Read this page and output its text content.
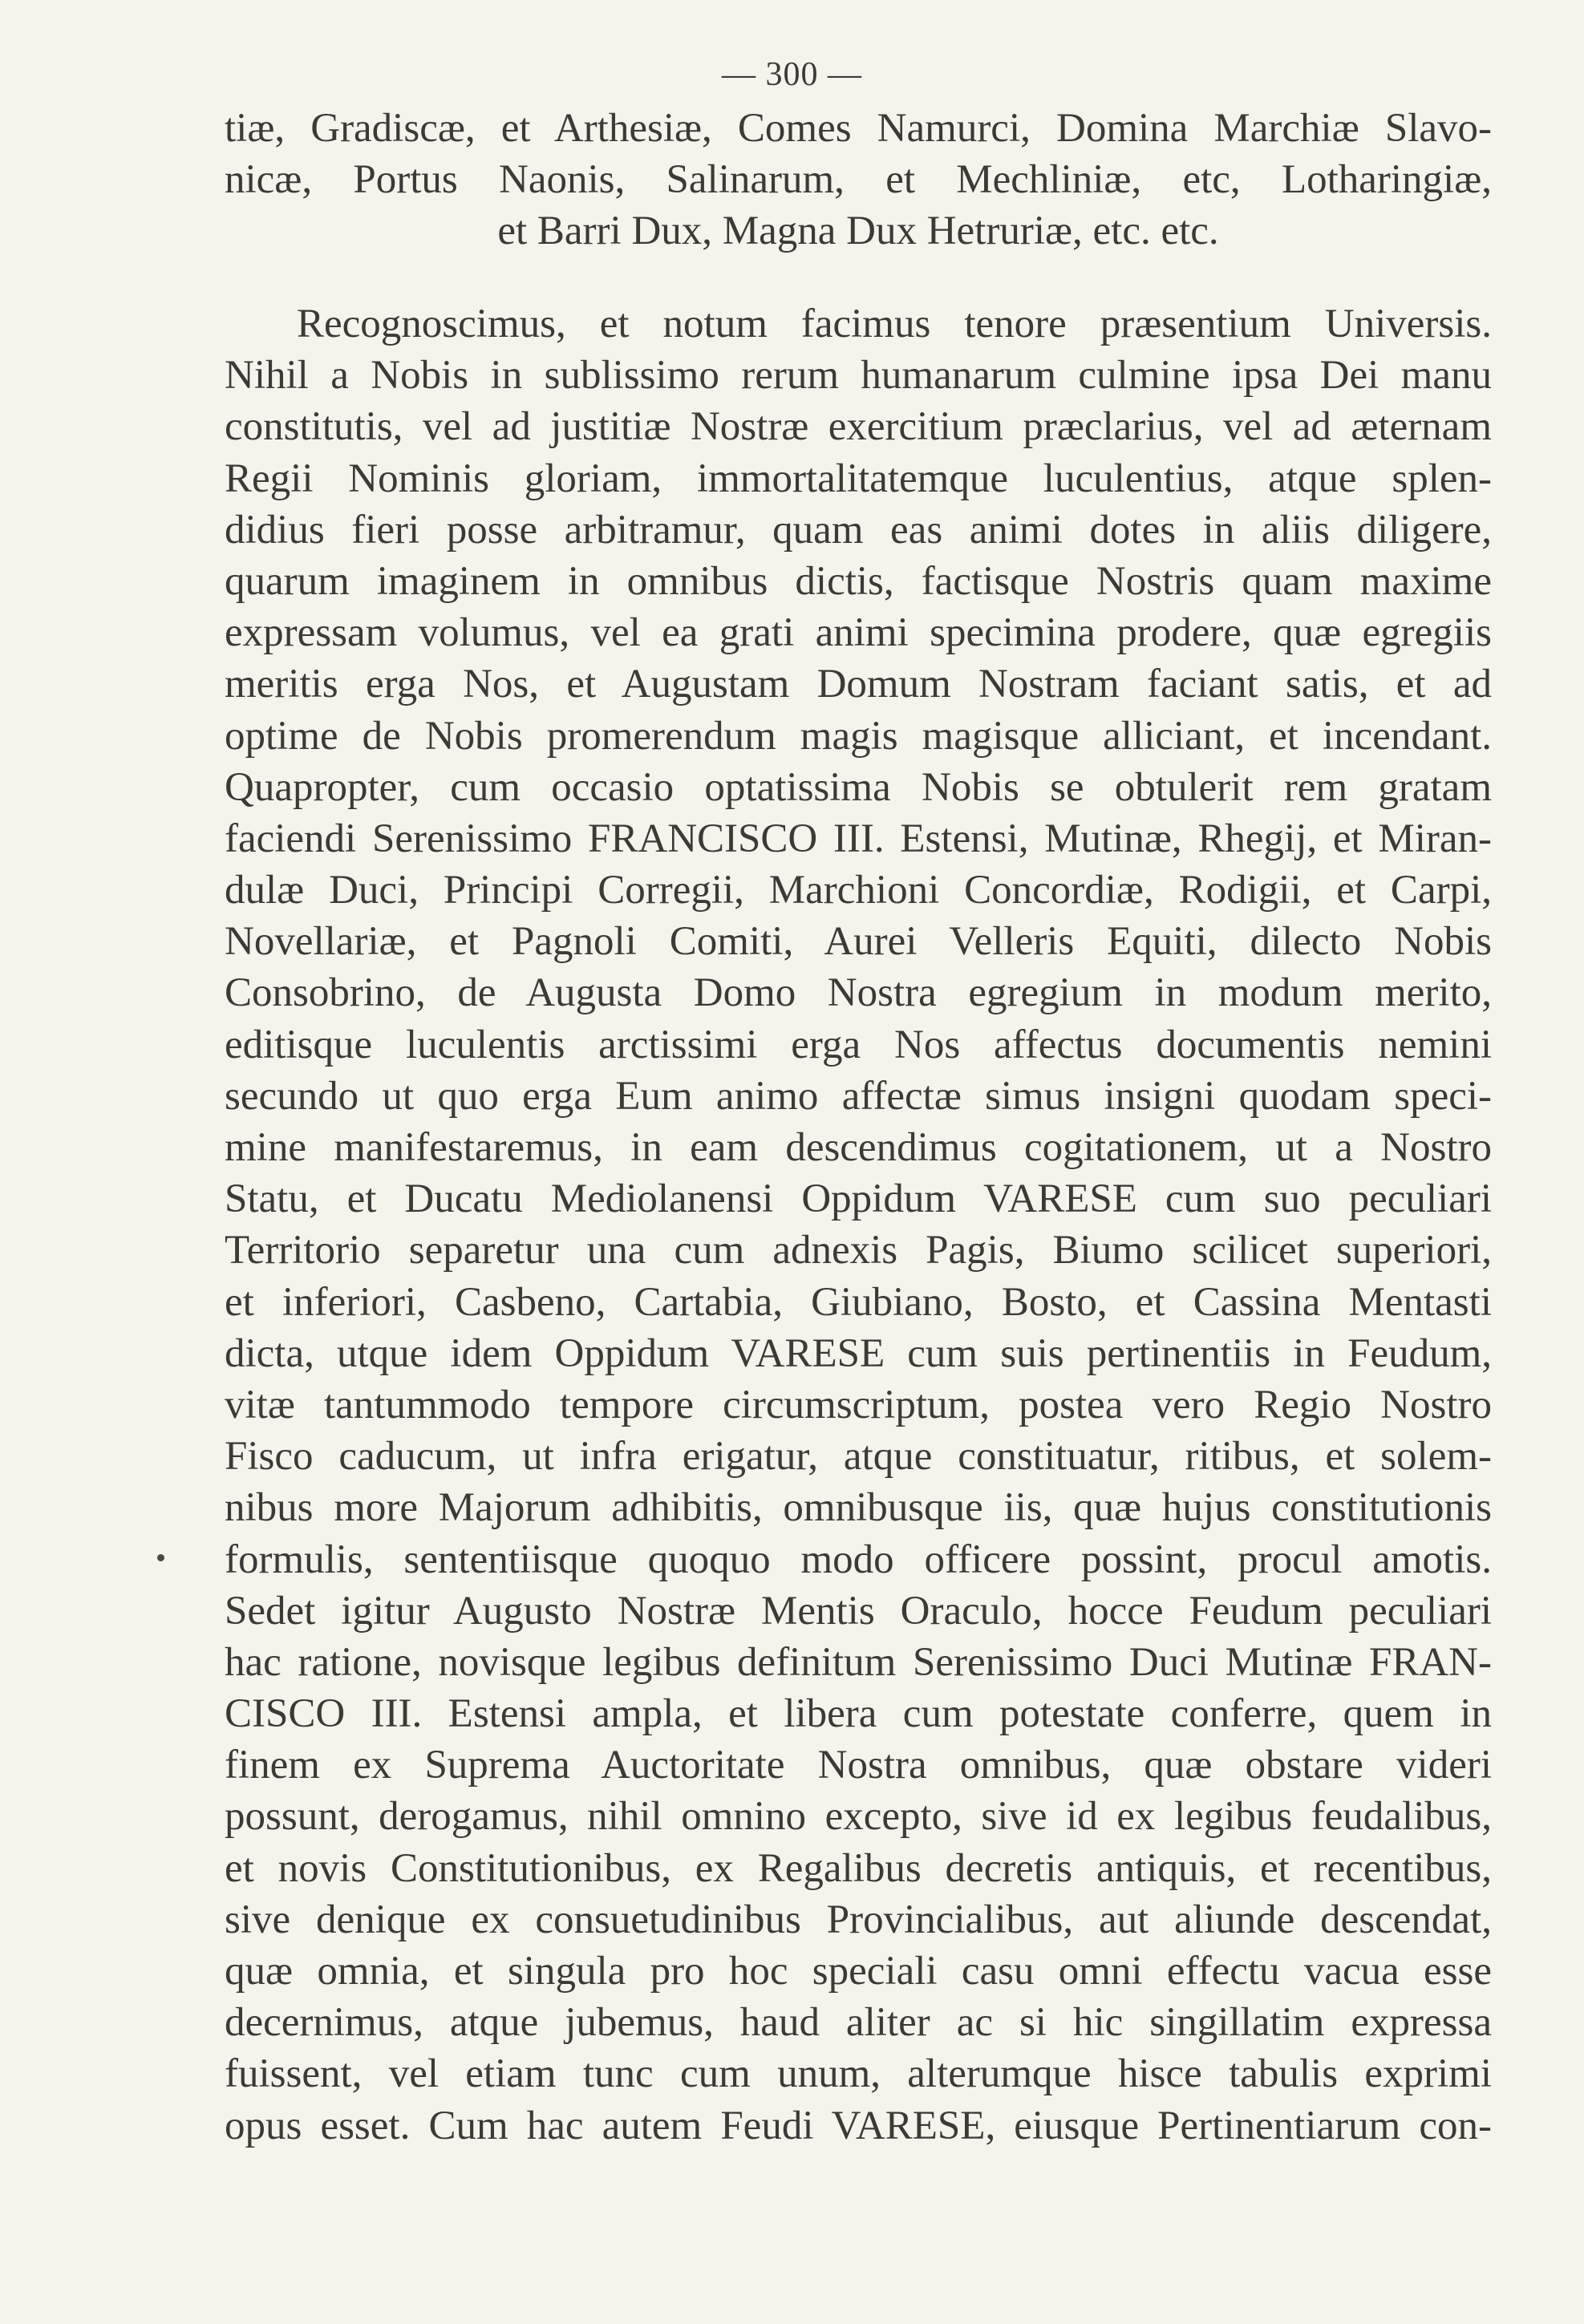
— 300 —
tiæ, Gradiscæ, et Arthesiæ, Comes Namurci, Domina Marchiæ Slavo-
nicæ, Portus Naonis, Salinarum, et Mechliniæ, etc, Lotharingiæ,
et Barri Dux, Magna Dux Hetruriæ, etc. etc.
Recognoscimus, et notum facimus tenore præsentium Universis.
Nihil a Nobis in sublissimo rerum humanarum culmine ipsa Dei manu
constitutis, vel ad justitiæ Nostræ exercitium præclarius, vel ad æternam
Regii Nominis gloriam, immortalitatemque luculentius, atque splen-
didius fieri posse arbitramur, quam eas animi dotes in aliis diligere,
quarum imaginem in omnibus dictis, factisque Nostris quam maxime
expressam volumus, vel ea grati animi specimina prodere, quæ egregiis
meritis erga Nos, et Augustam Domum Nostram faciant satis, et ad
optime de Nobis promerendum magis magisque alliciant, et incendant.
Quapropter, cum occasio optatissima Nobis se obtulerit rem gratam
faciendi Serenissimo FRANCISCO III. Estensi, Mutinæ, Rhegij, et Miran-
dulæ Duci, Principi Corregii, Marchioni Concordiæ, Rodigii, et Carpi,
Novellariæ, et Pagnoli Comiti, Aurei Velleris Equiti, dilecto Nobis
Consobrino, de Augusta Domo Nostra egregium in modum merito,
editisque luculentis arctissimi erga Nos affectus documentis nemini
secundo ut quo erga Eum animo affectæ simus insigni quodam speci-
mine manifestaremus, in eam descendimus cogitationem, ut a Nostro
Statu, et Ducatu Mediolanensi Oppidum VARESE cum suo peculiari
Territorio separetur una cum adnexis Pagis, Biumo scilicet superiori,
et inferiori, Casbeno, Cartabia, Giubiano, Bosto, et Cassina Mentasti
dicta, utque idem Oppidum VARESE cum suis pertinentiis in Feudum,
vitæ tantummodo tempore circumscriptum, postea vero Regio Nostro
Fisco caducum, ut infra erigatur, atque constituatur, ritibus, et solem-
nibus more Majorum adhibitis, omnibusque iis, quæ hujus constitutionis
formulis, sententiisque quoquo modo officere possint, procul amotis.
Sedet igitur Augusto Nostræ Mentis Oraculo, hocce Feudum peculiari
hac ratione, novisque legibus definitum Serenissimo Duci Mutinæ FRAN-
CISCO III. Estensi ampla, et libera cum potestate conferre, quem in
finem ex Suprema Auctoritate Nostra omnibus, quæ obstare videri
possunt, derogamus, nihil omnino excepto, sive id ex legibus feudalibus,
et novis Constitutionibus, ex Regalibus decretis antiquis, et recentibus,
sive denique ex consuetudinibus Provincialibus, aut aliunde descendat,
quæ omnia, et singula pro hoc speciali casu omni effectu vacua esse
decernimus, atque jubemus, haud aliter ac si hic singillatim expressa
fuissent, vel etiam tunc cum unum, alterumque hisce tabulis exprimi
opus esset. Cum hac autem Feudi VARESE, eiusque Pertinentiarum con-
